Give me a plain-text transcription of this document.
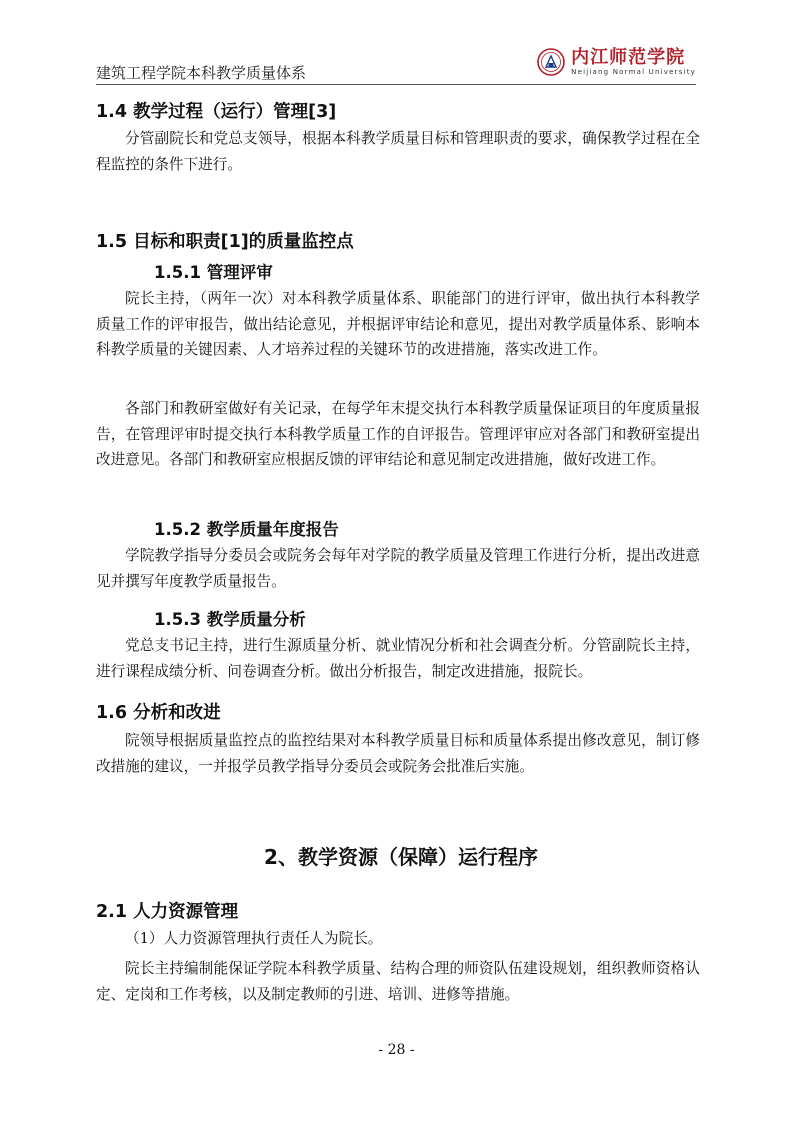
建筑工程学院本科教学质量体系
内江师范学院
Neijiang Normal University
1.4 教学过程（运行）管理[3]
分管副院长和党总支领导，根据本科教学质量目标和管理职责的要求，确保教学过程在全程监控的条件下进行。
1.5 目标和职责[1]的质量监控点
1.5.1 管理评审
院长主持，（两年一次）对本科教学质量体系、职能部门的进行评审，做出执行本科教学质量工作的评审报告，做出结论意见，并根据评审结论和意见，提出对教学质量体系、影响本科教学质量的关键因素、人才培养过程的关键环节的改进措施，落实改进工作。
各部门和教研室做好有关记录，在每学年末提交执行本科教学质量保证项目的年度质量报告，在管理评审时提交执行本科教学质量工作的自评报告。管理评审应对各部门和教研室提出改进意见。各部门和教研室应根据反馈的评审结论和意见制定改进措施，做好改进工作。
1.5.2 教学质量年度报告
学院教学指导分委员会或院务会每年对学院的教学质量及管理工作进行分析，提出改进意见并撰写年度教学质量报告。
1.5.3 教学质量分析
党总支书记主持，进行生源质量分析、就业情况分析和社会调查分析。分管副院长主持，进行课程成绩分析、问卷调查分析。做出分析报告，制定改进措施，报院长。
1.6 分析和改进
院领导根据质量监控点的监控结果对本科教学质量目标和质量体系提出修改意见，制订修改措施的建议，一并报学员教学指导分委员会或院务会批准后实施。
2、教学资源（保障）运行程序
2.1 人力资源管理
（1）人力资源管理执行责任人为院长。
院长主持编制能保证学院本科教学质量、结构合理的师资队伍建设规划，组织教师资格认定、定岗和工作考核，以及制定教师的引进、培训、进修等措施。
- 28 -
